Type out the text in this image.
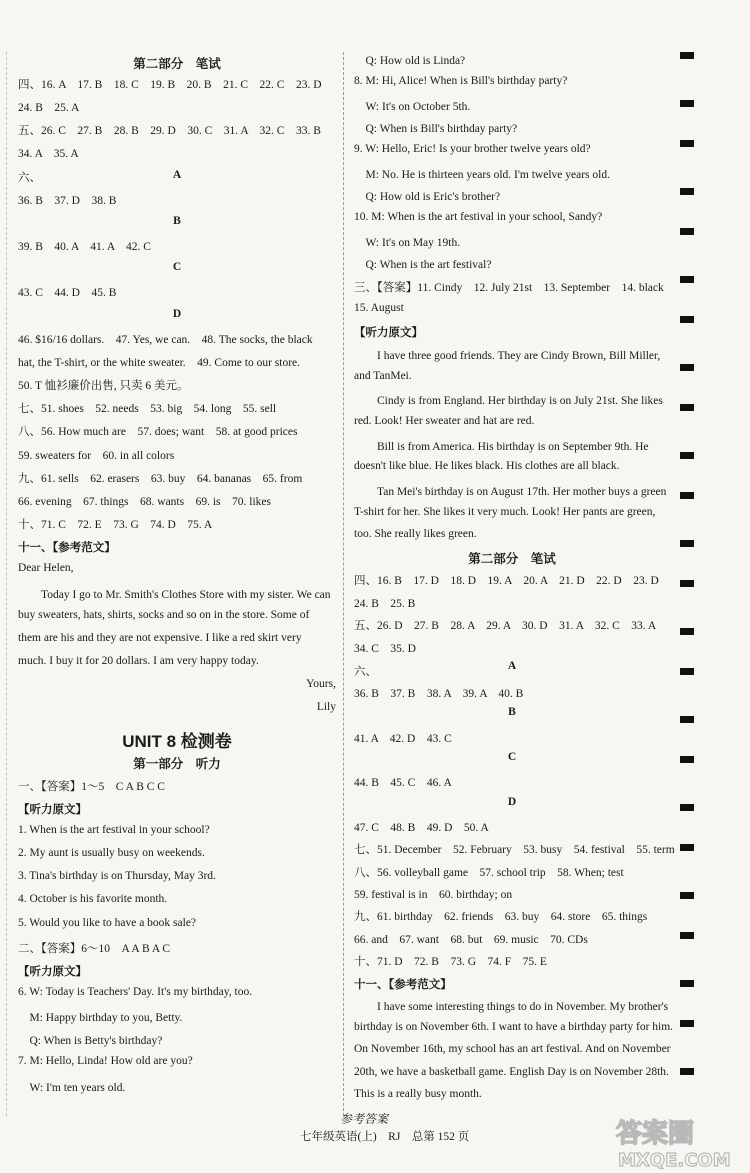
第二部分　笔试
四、16. A　17. B　18. C　19. B　20. B　21. C　22. C　23. D
24. B　25. A
五、26. C　27. B　28. B　29. D　30. C　31. A　32. C　33. B
34. A　35. A
六、	A
36. B　37. D　38. B
B
39. B　40. A　41. A　42. C
C
43. C　44. D　45. B
D
46. $16/16 dollars.　47. Yes, we can.　48. The socks, the black
hat, the T-shirt, or the white sweater.　49. Come to our store.
50. T 恤衫廉价出售, 只卖 6 美元。
七、51. shoes　52. needs　53. big　54. long　55. sell
八、56. How much are　57. does; want　58. at good prices
59. sweaters for　60. in all colors
九、61. sells　62. erasers　63. buy　64. bananas　65. from
66. evening　67. things　68. wants　69. is　70. likes
十、71. C　72. E　73. G　74. D　75. A
十一、【参考范文】
Dear Helen,
　　Today I go to Mr. Smith's Clothes Store with my sister. We can
buy sweaters, hats, shirts, socks and so on in the store. Some of
them are his and they are not expensive. I like a red skirt very
much. I buy it for 20 dollars. I am very happy today.
Yours,
Lily
UNIT 8 检测卷
第一部分　听力
一、【答案】1～5　C A B C C
【听力原文】
1. When is the art festival in your school?
2. My aunt is usually busy on weekends.
3. Tina's birthday is on Thursday, May 3rd.
4. October is his favorite month.
5. Would you like to have a book sale?
二、【答案】6～10　A A B A C
【听力原文】
6. W: Today is Teachers' Day. It's my birthday, too.
　M: Happy birthday to you, Betty.
　Q: When is Betty's birthday?
7. M: Hello, Linda! How old are you?
　W: I'm ten years old.
　Q: How old is Linda?
8. M: Hi, Alice! When is Bill's birthday party?
　W: It's on October 5th.
　Q: When is Bill's birthday party?
9. W: Hello, Eric! Is your brother twelve years old?
　M: No. He is thirteen years old. I'm twelve years old.
　Q: How old is Eric's brother?
10. M: When is the art festival in your school, Sandy?
　W: It's on May 19th.
　Q: When is the art festival?
三、【答案】11. Cindy　12. July 21st　13. September　14. black
15. August
【听力原文】
　　I have three good friends. They are Cindy Brown, Bill Miller,
and TanMei.
　　Cindy is from England. Her birthday is on July 21st. She likes
red. Look! Her sweater and hat are red.
　　Bill is from America. His birthday is on September 9th. He
doesn't like blue. He likes black. His clothes are all black.
　　Tan Mei's birthday is on August 17th. Her mother buys a green
T-shirt for her. She likes it very much. Look! Her pants are green,
too. She really likes green.
第二部分　笔试
四、16. B　17. D　18. D　19. A　20. A　21. D　22. D　23. D
24. B　25. B
五、26. D　27. B　28. A　29. A　30. D　31. A　32. C　33. A
34. C　35. D
六、	A
36. B　37. B　38. A　39. A　40. B
B
41. A　42. D　43. C
C
44. B　45. C　46. A
D
47. C　48. B　49. D　50. A
七、51. December　52. February　53. busy　54. festival　55. term
八、56. volleyball game　57. school trip　58. When; test
59. festival is in　60. birthday; on
九、61. birthday　62. friends　63. buy　64. store　65. things
66. and　67. want　68. but　69. music　70. CDs
十、71. D　72. B　73. G　74. F　75. E
十一、【参考范文】
　　I have some interesting things to do in November. My brother's
birthday is on November 6th. I want to have a birthday party for him.
On November 16th, my school has an art festival. And on November
20th, we have a basketball game. English Day is on November 28th.
This is a really busy month.
参考答案
七年级英语(上)　RJ　总第 152 页	答案圈
MXQE.COM
